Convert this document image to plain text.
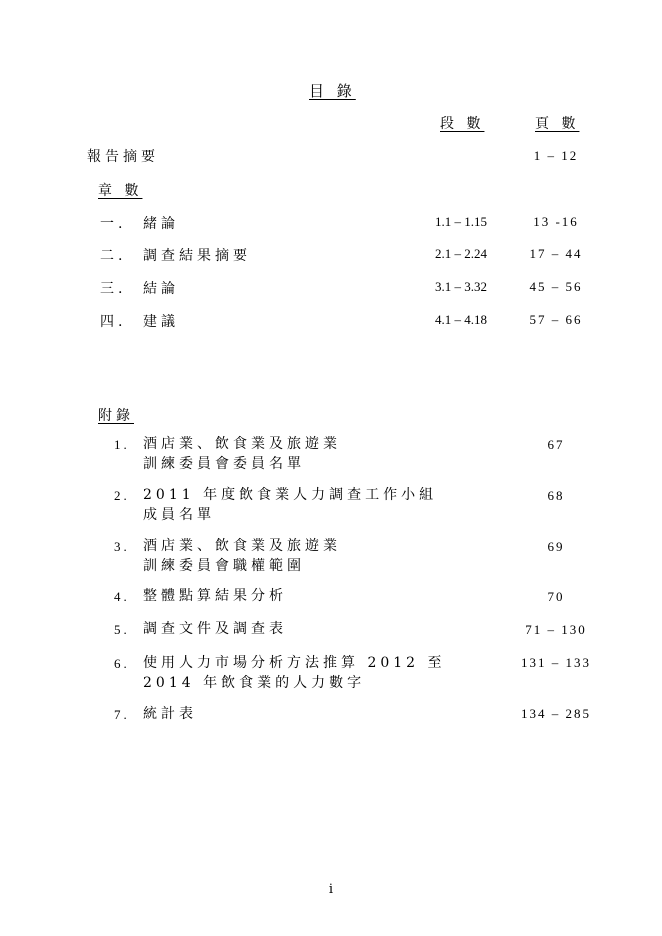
目 錄
段 數	頁 數
報告摘要	1 – 12
章 數
一. 緒論	1.1 – 1.15	13 -16
二. 調查結果摘要	2.1 – 2.24	17 – 44
三. 結論	3.1 – 3.32	45 – 56
四. 建議	4.1 – 4.18	57 – 66
附錄
1. 酒店業、飲食業及旅遊業
訓練委員會委員名單
67
2. 2011 年度飲食業人力調查工作小組
成員名單
68
3. 酒店業、飲食業及旅遊業
訓練委員會職權範圍
69
4. 整體點算結果分析	70
5. 調查文件及調查表	71 – 130
6. 使用人力市場分析方法推算 2012 至
2014 年飲食業的人力數字
131 – 133
7. 統計表	134 – 285
i
